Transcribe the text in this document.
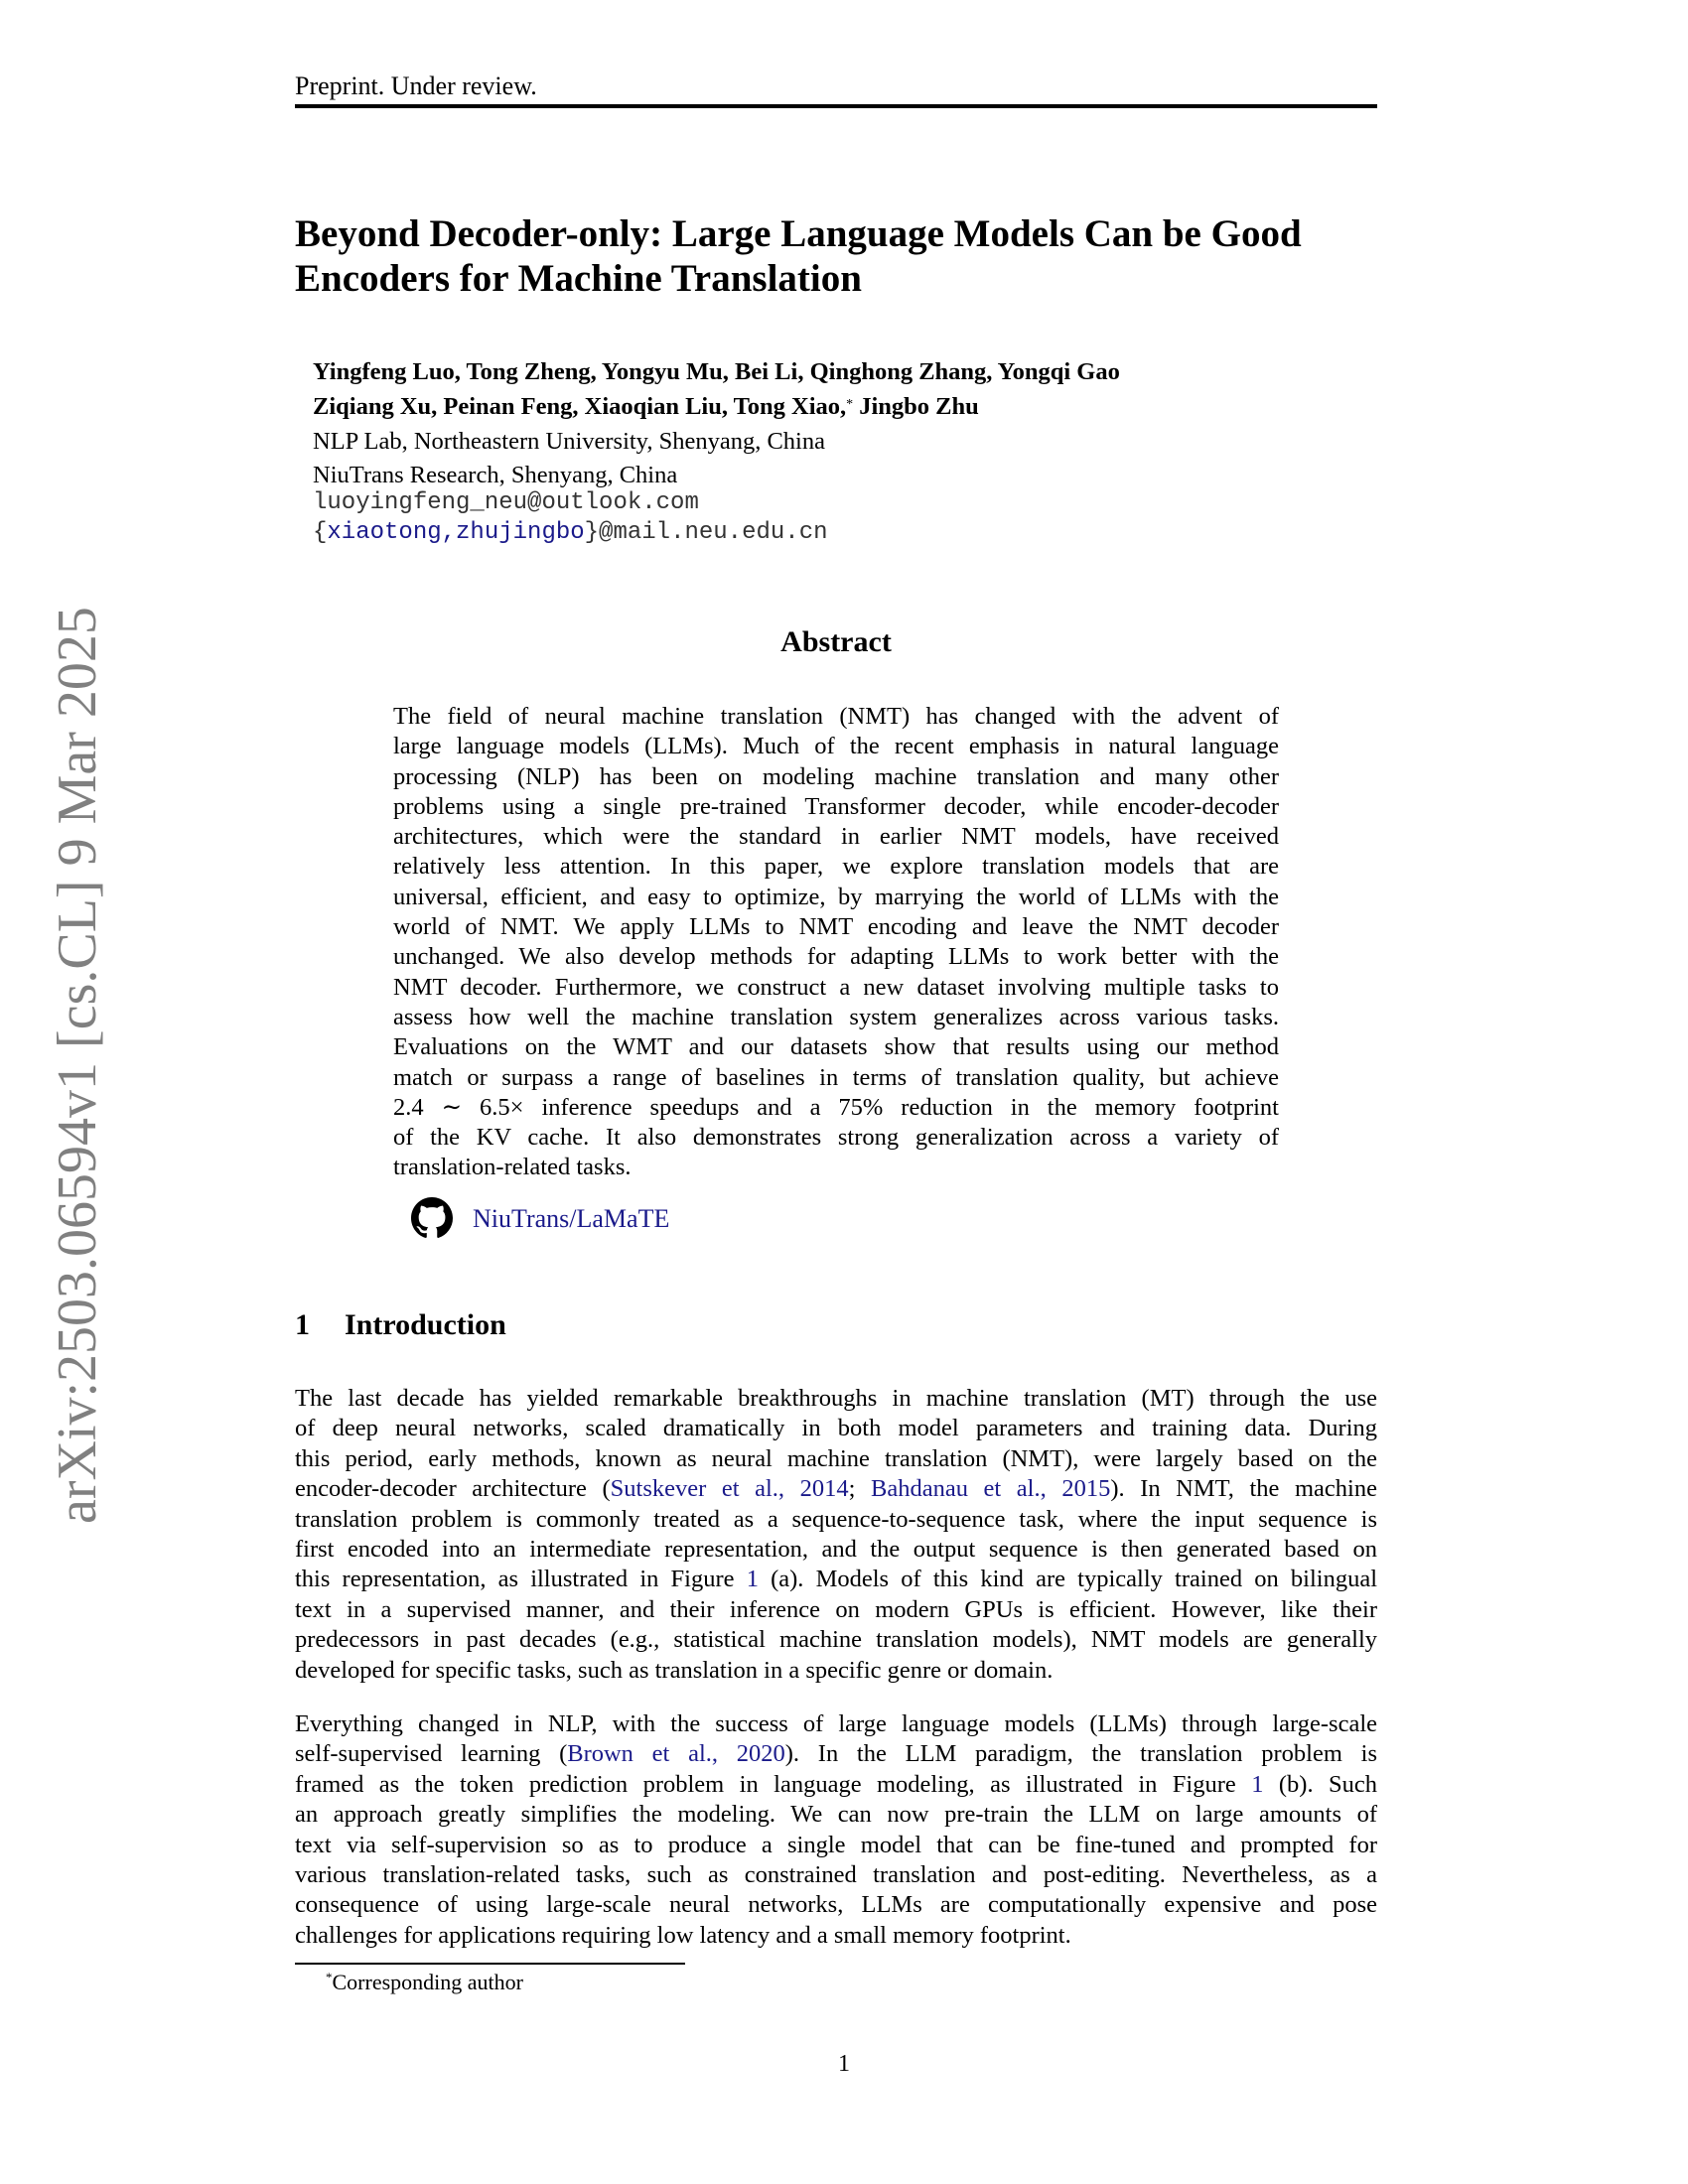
arXiv:2503.06594v1 [cs.CL] 9 Mar 2025
Preprint. Under review.
Beyond Decoder-only: Large Language Models Can be Good
Encoders for Machine Translation
Yingfeng Luo, Tong Zheng, Yongyu Mu, Bei Li, Qinghong Zhang, Yongqi Gao
Ziqiang Xu, Peinan Feng, Xiaoqian Liu, Tong Xiao,* Jingbo Zhu
NLP Lab, Northeastern University, Shenyang, China
NiuTrans Research, Shenyang, China
luoyingfeng_neu@outlook.com
{xiaotong,zhujingbo}@mail.neu.edu.cn
Abstract
The field of neural machine translation (NMT) has changed with the advent of
large language models (LLMs). Much of the recent emphasis in natural language
processing (NLP) has been on modeling machine translation and many other
problems using a single pre-trained Transformer decoder, while encoder-decoder
architectures, which were the standard in earlier NMT models, have received
relatively less attention. In this paper, we explore translation models that are
universal, efficient, and easy to optimize, by marrying the world of LLMs with the
world of NMT. We apply LLMs to NMT encoding and leave the NMT decoder
unchanged. We also develop methods for adapting LLMs to work better with the
NMT decoder. Furthermore, we construct a new dataset involving multiple tasks to
assess how well the machine translation system generalizes across various tasks.
Evaluations on the WMT and our datasets show that results using our method
match or surpass a range of baselines in terms of translation quality, but achieve
2.4 ∼ 6.5× inference speedups and a 75% reduction in the memory footprint
of the KV cache. It also demonstrates strong generalization across a variety of
translation-related tasks.
NiuTrans/LaMaTE
1 Introduction
The last decade has yielded remarkable breakthroughs in machine translation (MT) through the use
of deep neural networks, scaled dramatically in both model parameters and training data. During
this period, early methods, known as neural machine translation (NMT), were largely based on the
encoder-decoder architecture (Sutskever et al., 2014; Bahdanau et al., 2015). In NMT, the machine
translation problem is commonly treated as a sequence-to-sequence task, where the input sequence is
first encoded into an intermediate representation, and the output sequence is then generated based on
this representation, as illustrated in Figure 1 (a). Models of this kind are typically trained on bilingual
text in a supervised manner, and their inference on modern GPUs is efficient. However, like their
predecessors in past decades (e.g., statistical machine translation models), NMT models are generally
developed for specific tasks, such as translation in a specific genre or domain.
Everything changed in NLP, with the success of large language models (LLMs) through large-scale
self-supervised learning (Brown et al., 2020). In the LLM paradigm, the translation problem is
framed as the token prediction problem in language modeling, as illustrated in Figure 1 (b). Such
an approach greatly simplifies the modeling. We can now pre-train the LLM on large amounts of
text via self-supervision so as to produce a single model that can be fine-tuned and prompted for
various translation-related tasks, such as constrained translation and post-editing. Nevertheless, as a
consequence of using large-scale neural networks, LLMs are computationally expensive and pose
challenges for applications requiring low latency and a small memory footprint.
*Corresponding author
1
